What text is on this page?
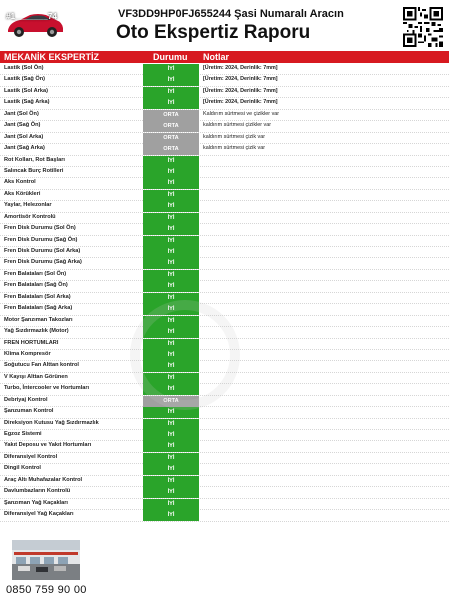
#1_______74	VF3DD9HP0FJ655244 Şasi Numaralı Aracın
Oto Ekspertiz Raporu
MEKANİK EKSPERTİZ	Durumu Notlar
Lastik (Sol Ön)	İYİ	[Üretim: 2024, Derinlik: 7mm]
Lastik (Sağ Ön)	İYİ	[Üretim: 2024, Derinlik: 7mm]
Lastik (Sol Arka)	İYİ	[Üretim: 2024, Derinlik: 7mm]
Lastik (Sağ Arka)	İYİ	[Üretim: 2024, Derinlik: 7mm]
Jant (Sol Ön)	ORTA	Kaldırım sürtmesi ve çizikler var
Jant (Sağ Ön)	ORTA	kaldırım sürtmesi çizikler var
Jant (Sol Arka)	ORTA	kaldırım sürtmesi çizik var
Jant (Sağ Arka)	ORTA	kaldırım sürtmesi çizik var
Rot Kolları, Rot Başları	İYİ
Salıncak Burç Rotilleri	İYİ
Aks Kontrol	İYİ
Aks Körükleri	İYİ
Yaylar, Helezonlar	İYİ
Amortisör Kontrolü	İYİ
Fren Disk Durumu (Sol Ön)	İYİ
Fren Disk Durumu (Sağ Ön)	İYİ
Fren Disk Durumu (Sol Arka)	İYİ
Fren Disk Durumu (Sağ Arka)	İYİ
Fren Balataları (Sol Ön)	İYİ
Fren Balataları (Sağ Ön)	İYİ
Fren Balataları (Sol Arka)	İYİ
Fren Balataları (Sağ Arka)	İYİ
Motor Şanzıman Takozları	İYİ
Yağ Sızdırmazlık (Motor)	İYİ
FREN HORTUMLARI	İYİ
Klima Kompresör	İYİ
Soğutucu Fan Alttan kontrol	İYİ
V Kayışı Alttan Görünen	İYİ
Turbo, İntercooler ve Hortumları	İYİ
Debriyaj Kontrol	ORTA
Şanzuman Kontrol	İYİ
Direksiyon Kutusu Yağ Sızdırmazlık	İYİ
Egzoz Sistemi	İYİ
Yakıt Deposu ve Yakıt Hortumları	İYİ
Diferansiyel Kontrol	İYİ
Dingil Kontrol	İYİ
Araç Altı Muhafazalar Kontrol	İYİ
Davlumbazların Kontrolü	İYİ
Şanzıman Yağ Kaçakları	İYİ
Diferansiyel Yağ Kaçakları	İYİ
0850 759 90 00
